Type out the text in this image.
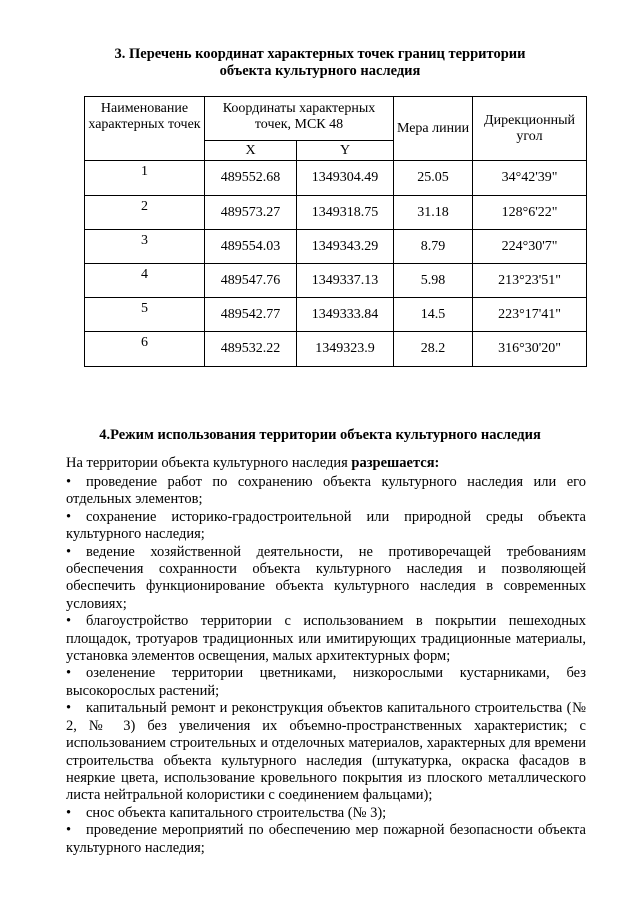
3. Перечень координат характерных точек границ территории
объекта культурного наследия
Наименование характерных точек	Координаты характерных точек, МСК 48		Мера линии	Дирекционный угол
	X	Y		
1	489552.68	1349304.49	25.05	34°42'39"
2	489573.27	1349318.75	31.18	128°6'22"
3	489554.03	1349343.29	8.79	224°30'7"
4	489547.76	1349337.13	5.98	213°23'51"
5	489542.77	1349333.84	14.5	223°17'41"
6	489532.22	1349323.9	28.2	316°30'20"
4.Режим использования территории объекта культурного наследия
На территории объекта культурного наследия разрешается:
• проведение работ по сохранению объекта культурного наследия или его отдельных элементов;
• сохранение историко-градостроительной или природной среды объекта культурного наследия;
• ведение хозяйственной деятельности, не противоречащей требованиям обеспечения сохранности объекта культурного наследия и позволяющей обеспечить функционирование объекта культурного наследия в современных условиях;
• благоустройство территории с использованием в покрытии пешеходных площадок, тротуаров традиционных или имитирующих традиционные материалы, установка элементов освещения, малых архитектурных форм;
• озеленение территории цветниками, низкорослыми кустарниками, без высокорослых растений;
• капитальный ремонт и реконструкция объектов капитального строительства (№ 2, № 3) без увеличения их объемно-пространственных характеристик; с использованием строительных и отделочных материалов, характерных для времени строительства объекта культурного наследия (штукатурка, окраска фасадов в неяркие цвета, использование кровельного покрытия из плоского металлического листа нейтральной колористики с соединением фальцами);
• снос объекта капитального строительства (№ 3);
• проведение мероприятий по обеспечению мер пожарной безопасности объекта культурного наследия;
